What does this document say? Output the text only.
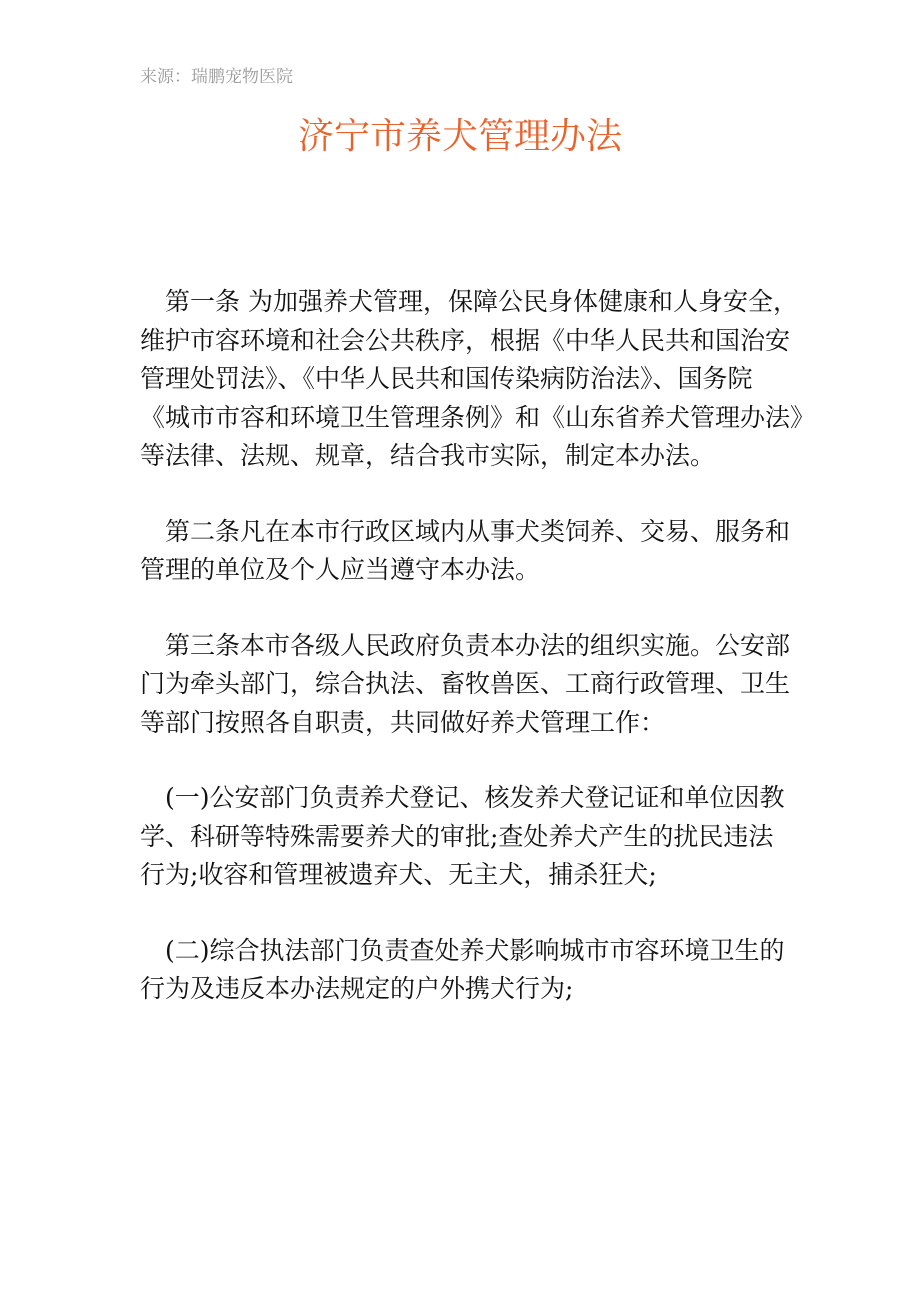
来源：瑞鹏宠物医院
济宁市养犬管理办法
第一条 为加强养犬管理，保障公民身体健康和人身安全，
维护市容环境和社会公共秩序，根据《中华人民共和国治安
管理处罚法》、《中华人民共和国传染病防治法》、国务院
《城市市容和环境卫生管理条例》和《山东省养犬管理办法》
等法律、法规、规章，结合我市实际，制定本办法。
第二条凡在本市行政区域内从事犬类饲养、交易、服务和
管理的单位及个人应当遵守本办法。
第三条本市各级人民政府负责本办法的组织实施。公安部
门为牵头部门，综合执法、畜牧兽医、工商行政管理、卫生
等部门按照各自职责，共同做好养犬管理工作：
(一)公安部门负责养犬登记、核发养犬登记证和单位因教
学、科研等特殊需要养犬的审批;查处养犬产生的扰民违法
行为;收容和管理被遗弃犬、无主犬，捕杀狂犬;
(二)综合执法部门负责查处养犬影响城市市容环境卫生的
行为及违反本办法规定的户外携犬行为;
